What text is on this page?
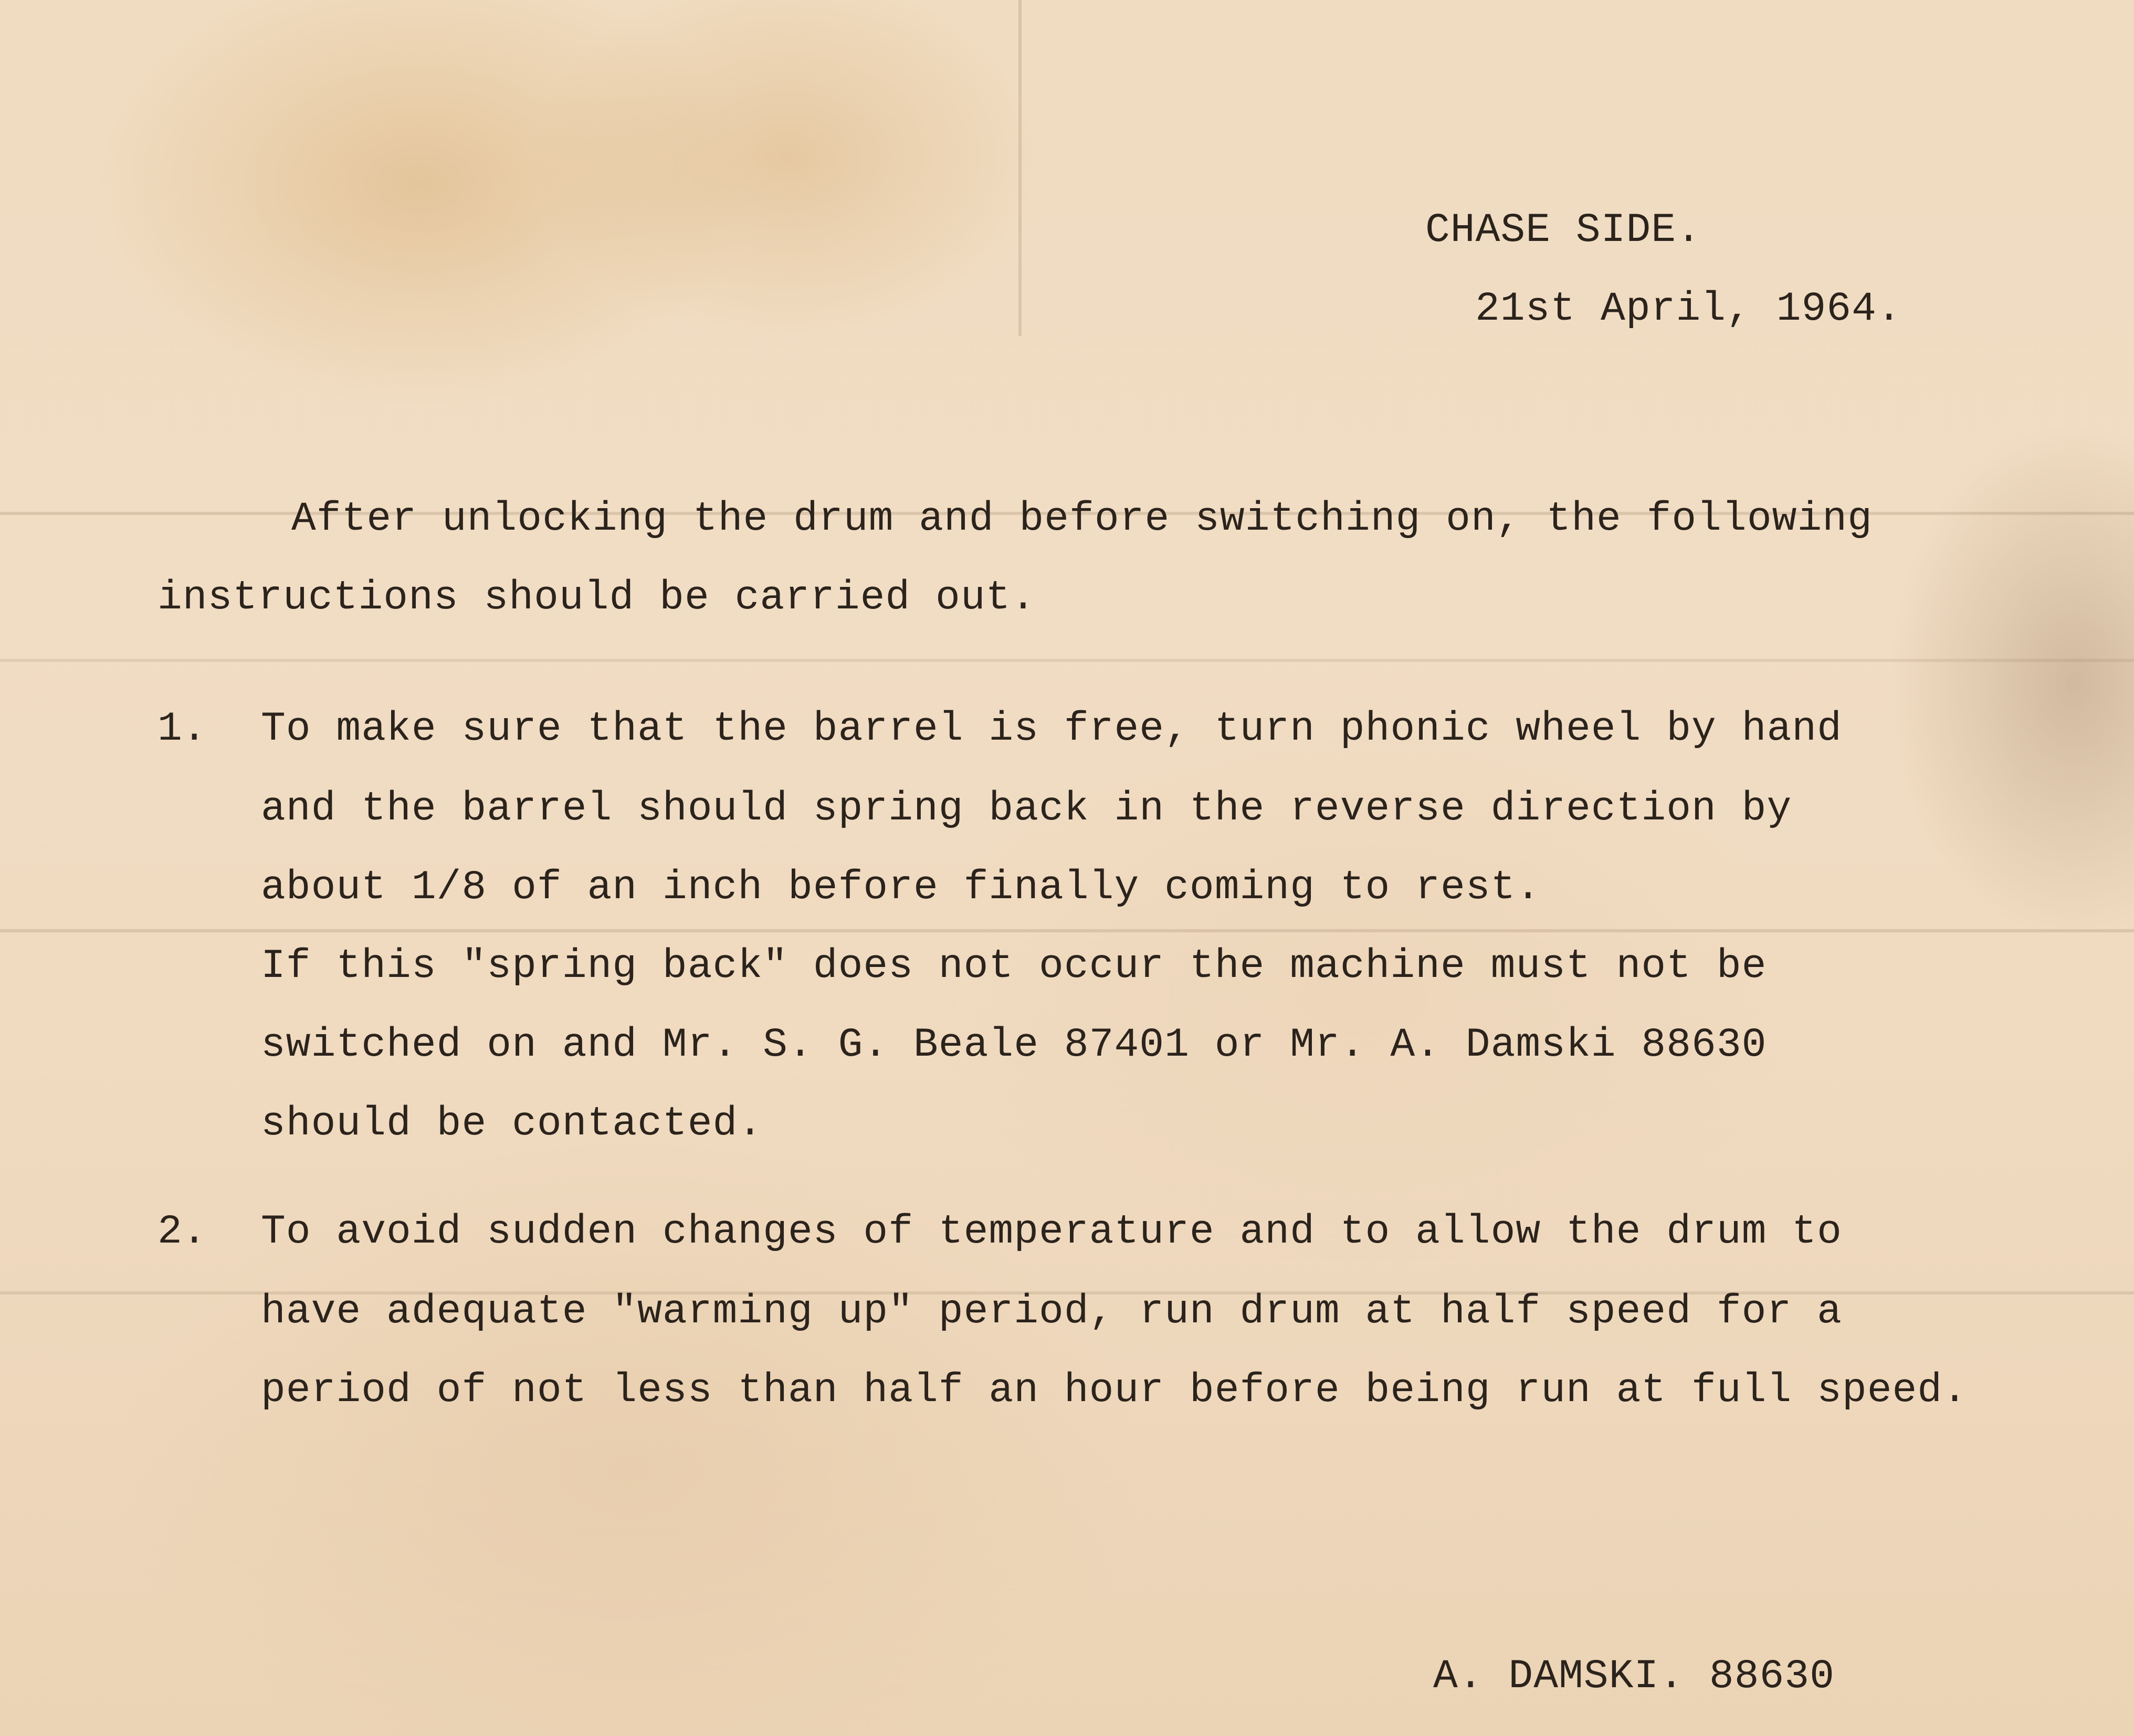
CHASE SIDE.
21st April, 1964.
After unlocking the drum and before switching on, the following
instructions should be carried out.
1. To make sure that the barrel is free, turn phonic wheel by hand
and the barrel should spring back in the reverse direction by
about 1/8 of an inch before finally coming to rest.
If this "spring back" does not occur the machine must not be
switched on and Mr. S. G. Beale 87401 or Mr. A. Damski 88630
should be contacted.
2. To avoid sudden changes of temperature and to allow the drum to
have adequate "warming up" period, run drum at half speed for a
period of not less than half an hour before being run at full speed.
A. DAMSKI. 88630
